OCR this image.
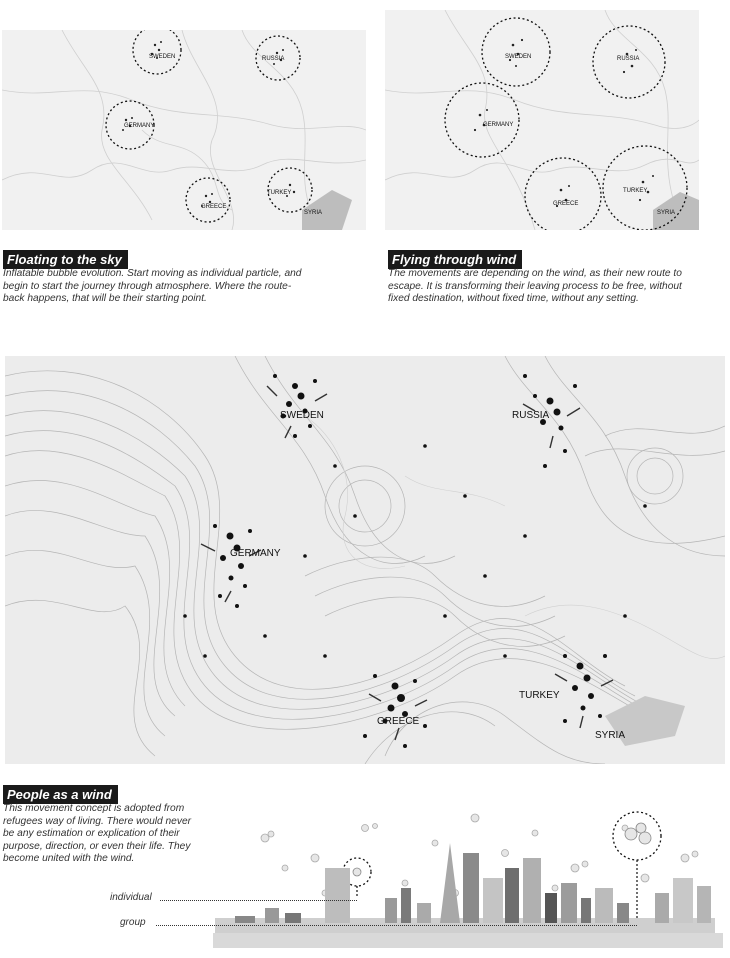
SWEDEN	RUSSIA
GERMANY
GREECE
TURKEY
SYRIA
SWEDEN	RUSSIA
GERMANY
GREECE
TURKEY
SYRIA
Floating to the sky
Inflatable bubble evolution. Start moving as individual particle, and begin to start the journey through atmosphere. Where the route-back happens, that will be their starting point.
Flying through wind
The movements are depending on the wind, as their new route to escape. It is transforming their leaving process to be free, without fixed destination, without fixed time, without any setting.
SWEDEN	RUSSIA
GERMANY
GREECE
TURKEY
SYRIA
People as a wind
This movement concept is adopted from refugees way of living. There would never be any estimation or explication of their purpose, direction, or even their life. They become united with the wind.
individual
group
